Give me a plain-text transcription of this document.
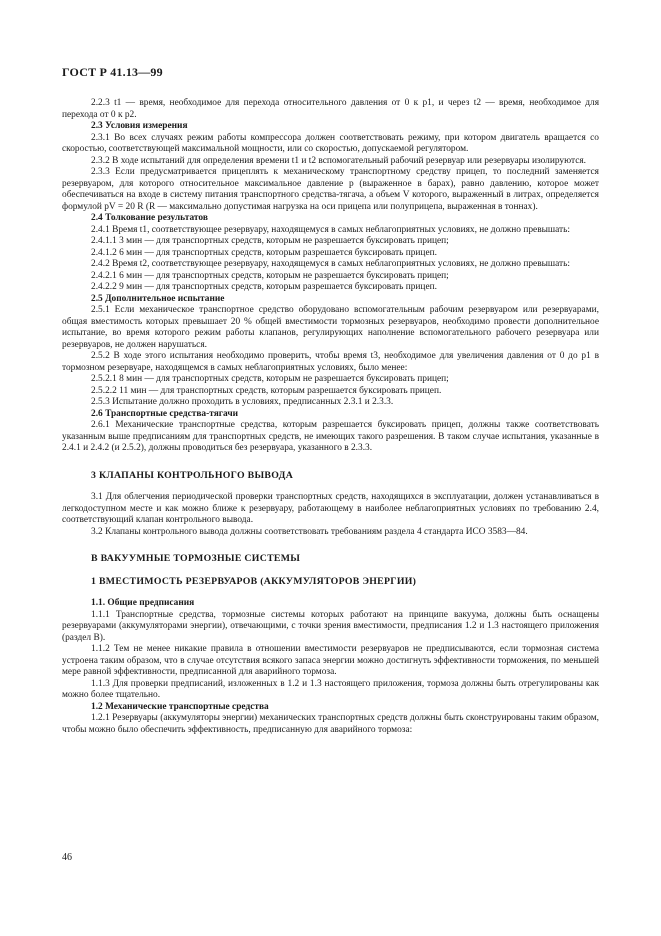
ГОСТ Р 41.13—99

2.2.3 t1 — время, необходимое для перехода относительного давления от 0 к p1, и через t2 — время, необходимое для перехода от 0 к p2.

2.3 Условия измерения

2.3.1 Во всех случаях режим работы компрессора должен соответствовать режиму, при котором двигатель вращается со скоростью, соответствующей максимальной мощности, или со скоростью, допускаемой регулятором.

2.3.2 В ходе испытаний для определения времени t1 и t2 вспомогательный рабочий резервуар или резервуары изолируются.

2.3.3 Если предусматривается прицеплять к механическому транспортному средству прицеп, то последний заменяется резервуаром, для которого относительное максимальное давление p (выраженное в барах), равно давлению, которое может обеспечиваться на входе в систему питания транспортного средства-тягача, а объем V которого, выраженный в литрах, определяется формулой pV = 20 R (R — максимально допустимая нагрузка на оси прицепа или полуприцепа, выраженная в тоннах).

2.4 Толкование результатов

2.4.1 Время t1, соответствующее резервуару, находящемуся в самых неблагоприятных условиях, не должно превышать:

2.4.1.1 3 мин — для транспортных средств, которым не разрешается буксировать прицеп;

2.4.1.2 6 мин — для транспортных средств, которым разрешается буксировать прицеп.

2.4.2 Время t2, соответствующее резервуару, находящемуся в самых неблагоприятных условиях, не должно превышать:

2.4.2.1 6 мин — для транспортных средств, которым не разрешается буксировать прицеп;

2.4.2.2 9 мин — для транспортных средств, которым разрешается буксировать прицеп.

2.5 Дополнительное испытание

2.5.1 Если механическое транспортное средство оборудовано вспомогательным рабочим резервуаром или резервуарами, общая вместимость которых превышает 20 % общей вместимости тормозных резервуаров, необходимо провести дополнительное испытание, во время которого режим работы клапанов, регулирующих наполнение вспомогательного рабочего резервуара или резервуаров, не должен нарушаться.

2.5.2 В ходе этого испытания необходимо проверить, чтобы время t3, необходимое для увеличения давления от 0 до p1 в тормозном резервуаре, находящемся в самых неблагоприятных условиях, было менее:

2.5.2.1 8 мин — для транспортных средств, которым не разрешается буксировать прицеп;

2.5.2.2 11 мин — для транспортных средств, которым разрешается буксировать прицеп.

2.5.3 Испытание должно проходить в условиях, предписанных 2.3.1 и 2.3.3.

2.6 Транспортные средства-тягачи

2.6.1 Механические транспортные средства, которым разрешается буксировать прицеп, должны также соответствовать указанным выше предписаниям для транспортных средств, не имеющих такого разрешения. В таком случае испытания, указанные в 2.4.1 и 2.4.2 (и 2.5.2), должны проводиться без резервуара, указанного в 2.3.3.

3 КЛАПАНЫ КОНТРОЛЬНОГО ВЫВОДА

3.1 Для облегчения периодической проверки транспортных средств, находящихся в эксплуатации, должен устанавливаться в легкодоступном месте и как можно ближе к резервуару, работающему в наиболее неблагоприятных условиях по требованию 2.4, соответствующий клапан контрольного вывода.

3.2 Клапаны контрольного вывода должны соответствовать требованиям раздела 4 стандарта ИСО 3583—84.

В ВАКУУМНЫЕ ТОРМОЗНЫЕ СИСТЕМЫ

1 ВМЕСТИМОСТЬ РЕЗЕРВУАРОВ (АККУМУЛЯТОРОВ ЭНЕРГИИ)

1.1. Общие предписания

1.1.1 Транспортные средства, тормозные системы которых работают на принципе вакуума, должны быть оснащены резервуарами (аккумуляторами энергии), отвечающими, с точки зрения вместимости, предписания 1.2 и 1.3 настоящего приложения (раздел В).

1.1.2 Тем не менее никакие правила в отношении вместимости резервуаров не предписываются, если тормозная система устроена таким образом, что в случае отсутствия всякого запаса энергии можно достигнуть эффективности торможения, по меньшей мере равной эффективности, предписанной для аварийного тормоза.

1.1.3 Для проверки предписаний, изложенных в 1.2 и 1.3 настоящего приложения, тормоза должны быть отрегулированы как можно более тщательно.

1.2 Механические транспортные средства

1.2.1 Резервуары (аккумуляторы энергии) механических транспортных средств должны быть сконструированы таким образом, чтобы можно было обеспечить эффективность, предписанную для аварийного тормоза:

46
